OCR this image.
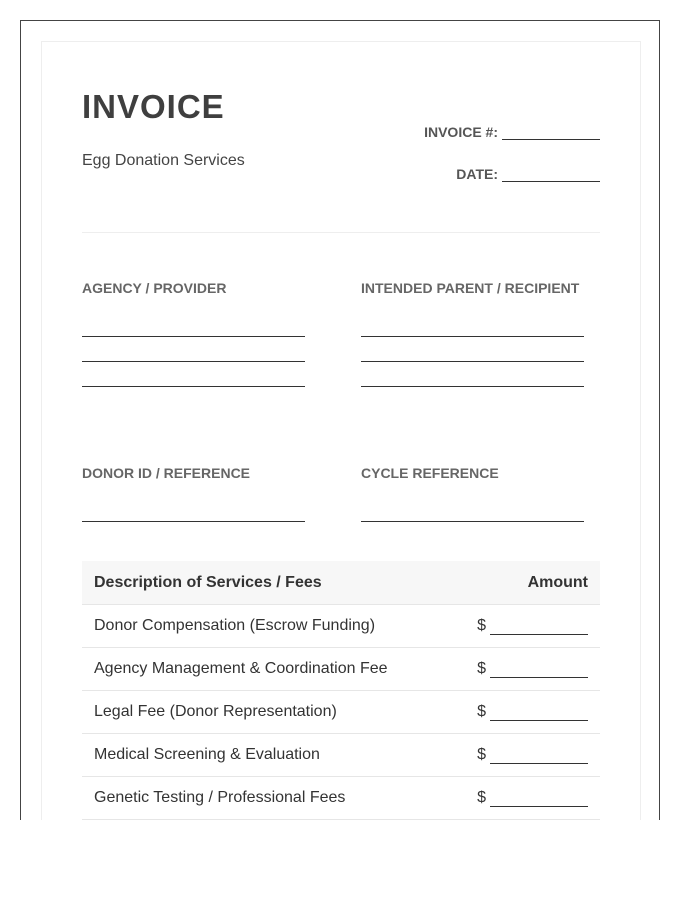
INVOICE
Egg Donation Services
INVOICE #:
DATE:
AGENCY / PROVIDER	INTENDED PARENT / RECIPIENT
DONOR ID / REFERENCE	CYCLE REFERENCE
Description of Services / Fees	Amount
Donor Compensation (Escrow Funding)	$
Agency Management & Coordination Fee	$
Legal Fee (Donor Representation)	$
Medical Screening & Evaluation	$
Genetic Testing / Professional Fees	$
